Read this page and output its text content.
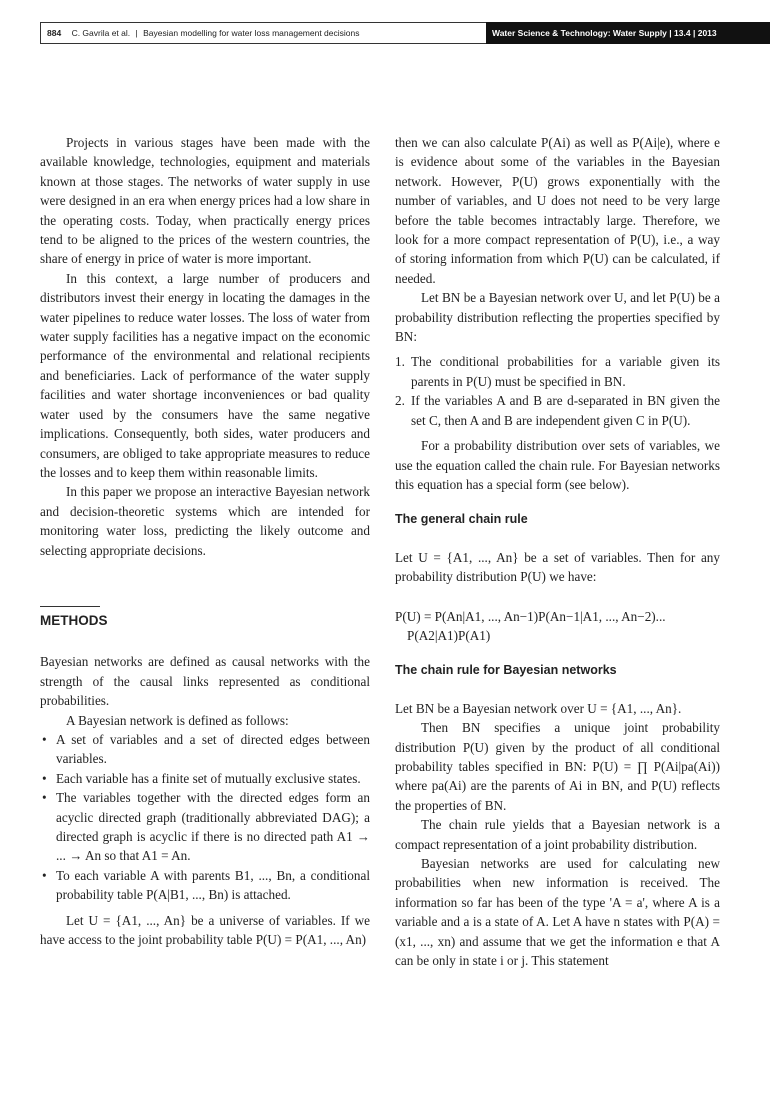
884 C. Gavrila et al. | Bayesian modelling for water loss management decisions	Water Science & Technology: Water Supply | 13.4 | 2013

Projects in various stages have been made with the available knowledge, technologies, equipment and materials known at those stages. The networks of water supply in use were designed in an era when energy prices had a low share in the operating costs. Today, when practically energy prices tend to be aligned to the prices of the western countries, the share of energy in price of water is more important.

In this context, a large number of producers and distributors invest their energy in locating the damages in the water pipelines to reduce water losses. The loss of water from water supply facilities has a negative impact on the economic performance of the environmental and relational recipients and beneficiaries. Lack of performance of the water supply facilities and water shortage inconveniences or bad quality water used by the consumers have the same negative implications. Consequently, both sides, water producers and consumers, are obliged to take appropriate measures to reduce the losses and to keep them within reasonable limits.

In this paper we propose an interactive Bayesian network and decision-theoretic systems which are intended for monitoring water loss, predicting the likely outcome and selecting appropriate decisions.

METHODS

Bayesian networks are defined as causal networks with the strength of the causal links represented as conditional probabilities.

A Bayesian network is defined as follows:

• A set of variables and a set of directed edges between variables.
• Each variable has a finite set of mutually exclusive states.
• The variables together with the directed edges form an acyclic directed graph (traditionally abbreviated DAG); a directed graph is acyclic if there is no directed path A1 → ... → An so that A1 = An.
• To each variable A with parents B1, ..., Bn, a conditional probability table P(A|B1, ..., Bn) is attached.

Let U = {A1, ..., An} be a universe of variables. If we have access to the joint probability table P(U) = P(A1, ..., An)

then we can also calculate P(Ai) as well as P(Ai|e), where e is evidence about some of the variables in the Bayesian network. However, P(U) grows exponentially with the number of variables, and U does not need to be very large before the table becomes intractably large. Therefore, we look for a more compact representation of P(U), i.e., a way of storing information from which P(U) can be calculated, if needed.

Let BN be a Bayesian network over U, and let P(U) be a probability distribution reflecting the properties specified by BN:

1. The conditional probabilities for a variable given its parents in P(U) must be specified in BN.
2. If the variables A and B are d-separated in BN given the set C, then A and B are independent given C in P(U).

For a probability distribution over sets of variables, we use the equation called the chain rule. For Bayesian networks this equation has a special form (see below).

The general chain rule

Let U = {A1, ..., An} be a set of variables. Then for any probability distribution P(U) we have:

P(U) = P(An|A1, ..., An−1)P(An−1|A1, ..., An−2)...

P(A2|A1)P(A1)

The chain rule for Bayesian networks

Let BN be a Bayesian network over U = {A1, ..., An}.

Then BN specifies a unique joint probability distribution P(U) given by the product of all conditional probability tables specified in BN: P(U) = ∏ P(Ai|pa(Ai)) where pa(Ai) are the parents of Ai in BN, and P(U) reflects the properties of BN.

The chain rule yields that a Bayesian network is a compact representation of a joint probability distribution.

Bayesian networks are used for calculating new probabilities when new information is received. The information so far has been of the type 'A = a', where A is a variable and a is a state of A. Let A have n states with P(A) = (x1, ..., xn) and assume that we get the information e that A can be only in state i or j. This statement
